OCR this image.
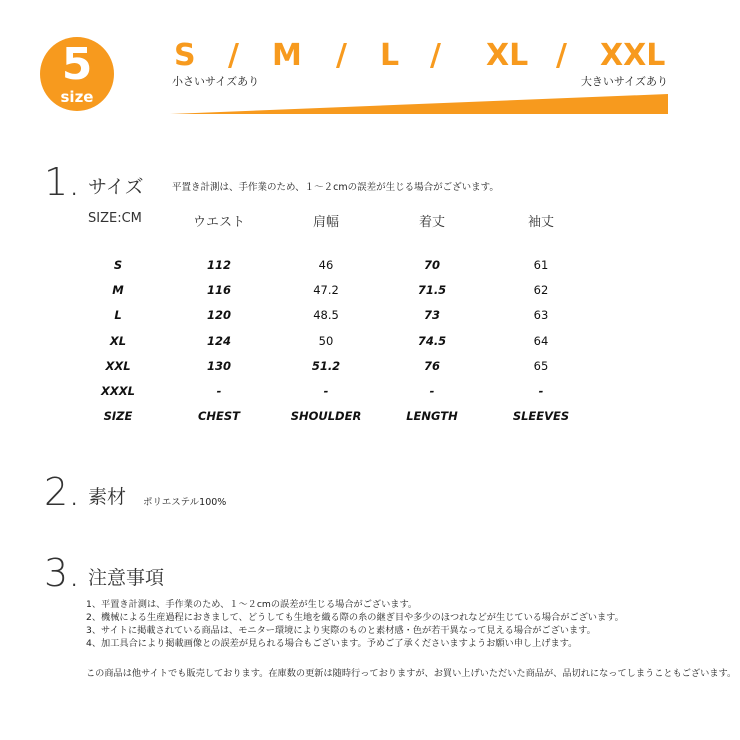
5
size
S / M / L / XL / XXL
小さいサイズあり	大きいサイズあり
1. サイズ	平置き計測は、手作業のため、１～２cmの誤差が生じる場合がございます。
SIZE:CM	ウエスト	肩幅	着丈	袖丈
S	112	46	70	61
M	116	47.2	71.5	62
L	120	48.5	73	63
XL	124	50	74.5	64
XXL	130	51.2	76	65
XXXL	-	-	-	-
SIZE	CHEST	SHOULDER	LENGTH	SLEEVES
2. 素材 ポリエステル100%
3. 注意事項
1、平置き計測は、手作業のため、１～２cmの誤差が生じる場合がございます。
2、機械による生産過程におきまして、どうしても生地を織る際の糸の継ぎ目や多少のほつれなどが生じている場合がございます。
3、サイトに掲載されている商品は、モニター環境により実際のものと素材感・色が若干異なって見える場合がございます。
4、加工具合により掲載画像との誤差が見られる場合もございます。予めご了承くださいますようお願い申し上げます。
この商品は他サイトでも販売しております。在庫数の更新は随時行っておりますが、お買い上げいただいた商品が、品切れになってしまうこともございます。
